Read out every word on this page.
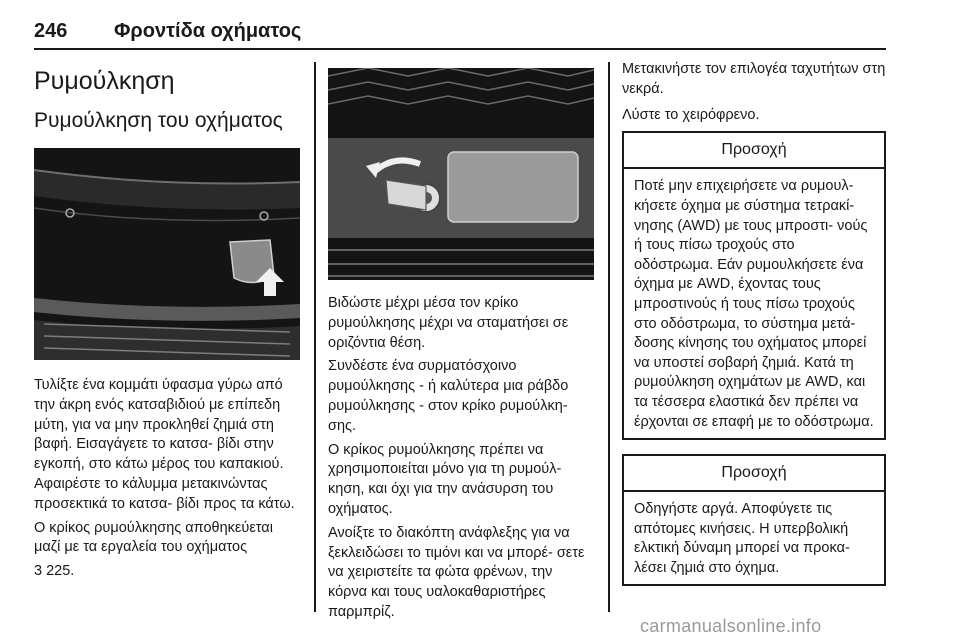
246 Φροντίδα οχήματος
Ρυμούλκηση
Ρυμούλκηση του οχήματος

Τυλίξτε ένα κομμάτι ύφασμα γύρω από την άκρη ενός κατσαβιδιού με επίπεδη μύτη, για να μην προκληθεί ζημιά στη βαφή. Εισαγάγετε το κατσα- βίδι στην εγκοπή, στο κάτω μέρος του καπακιού. Αφαιρέστε το κάλυμμα μετακινώντας προσεκτικά το κατσα- βίδι προς τα κάτω.

Ο κρίκος ρυμούλκησης αποθηκεύεται μαζί με τα εργαλεία του οχήματος

3 225.

Βιδώστε μέχρι μέσα τον κρίκο ρυμούλκησης μέχρι να σταματήσει σε οριζόντια θέση.

Συνδέστε ένα συρματόσχοινο ρυμούλκησης - ή καλύτερα μια ράβδο ρυμούλκησης - στον κρίκο ρυμούλκη- σης.

Ο κρίκος ρυμούλκησης πρέπει να χρησιμοποιείται μόνο για τη ρυμούλ- κηση, και όχι για την ανάσυρση του οχήματος.

Ανοίξτε το διακόπτη ανάφλεξης για να ξεκλειδώσει το τιμόνι και να μπορέ- σετε να χειριστείτε τα φώτα φρένων, την κόρνα και τους υαλοκαθαριστήρες παρμπρίζ.

Μετακινήστε τον επιλογέα ταχυτήτων στη νεκρά.

Λύστε το χειρόφρενο.

Προσοχή

Ποτέ μην επιχειρήσετε να ρυμουλ- κήσετε όχημα με σύστημα τετρακί- νησης (AWD) με τους μπροστι- νούς ή τους πίσω τροχούς στο οδόστρωμα. Εάν ρυμουλκήσετε ένα όχημα με AWD, έχοντας τους μπροστινούς ή τους πίσω τροχούς στο οδόστρωμα, το σύστημα μετά- δοσης κίνησης του οχήματος μπορεί να υποστεί σοβαρή ζημιά. Κατά τη ρυμούλκηση οχημάτων με AWD, και τα τέσσερα ελαστικά δεν πρέπει να έρχονται σε επαφή με το οδόστρωμα.

Προσοχή

Οδηγήστε αργά. Αποφύγετε τις απότομες κινήσεις. Η υπερβολική ελκτική δύναμη μπορεί να προκα- λέσει ζημιά στο όχημα.

carmanualsonline.info
